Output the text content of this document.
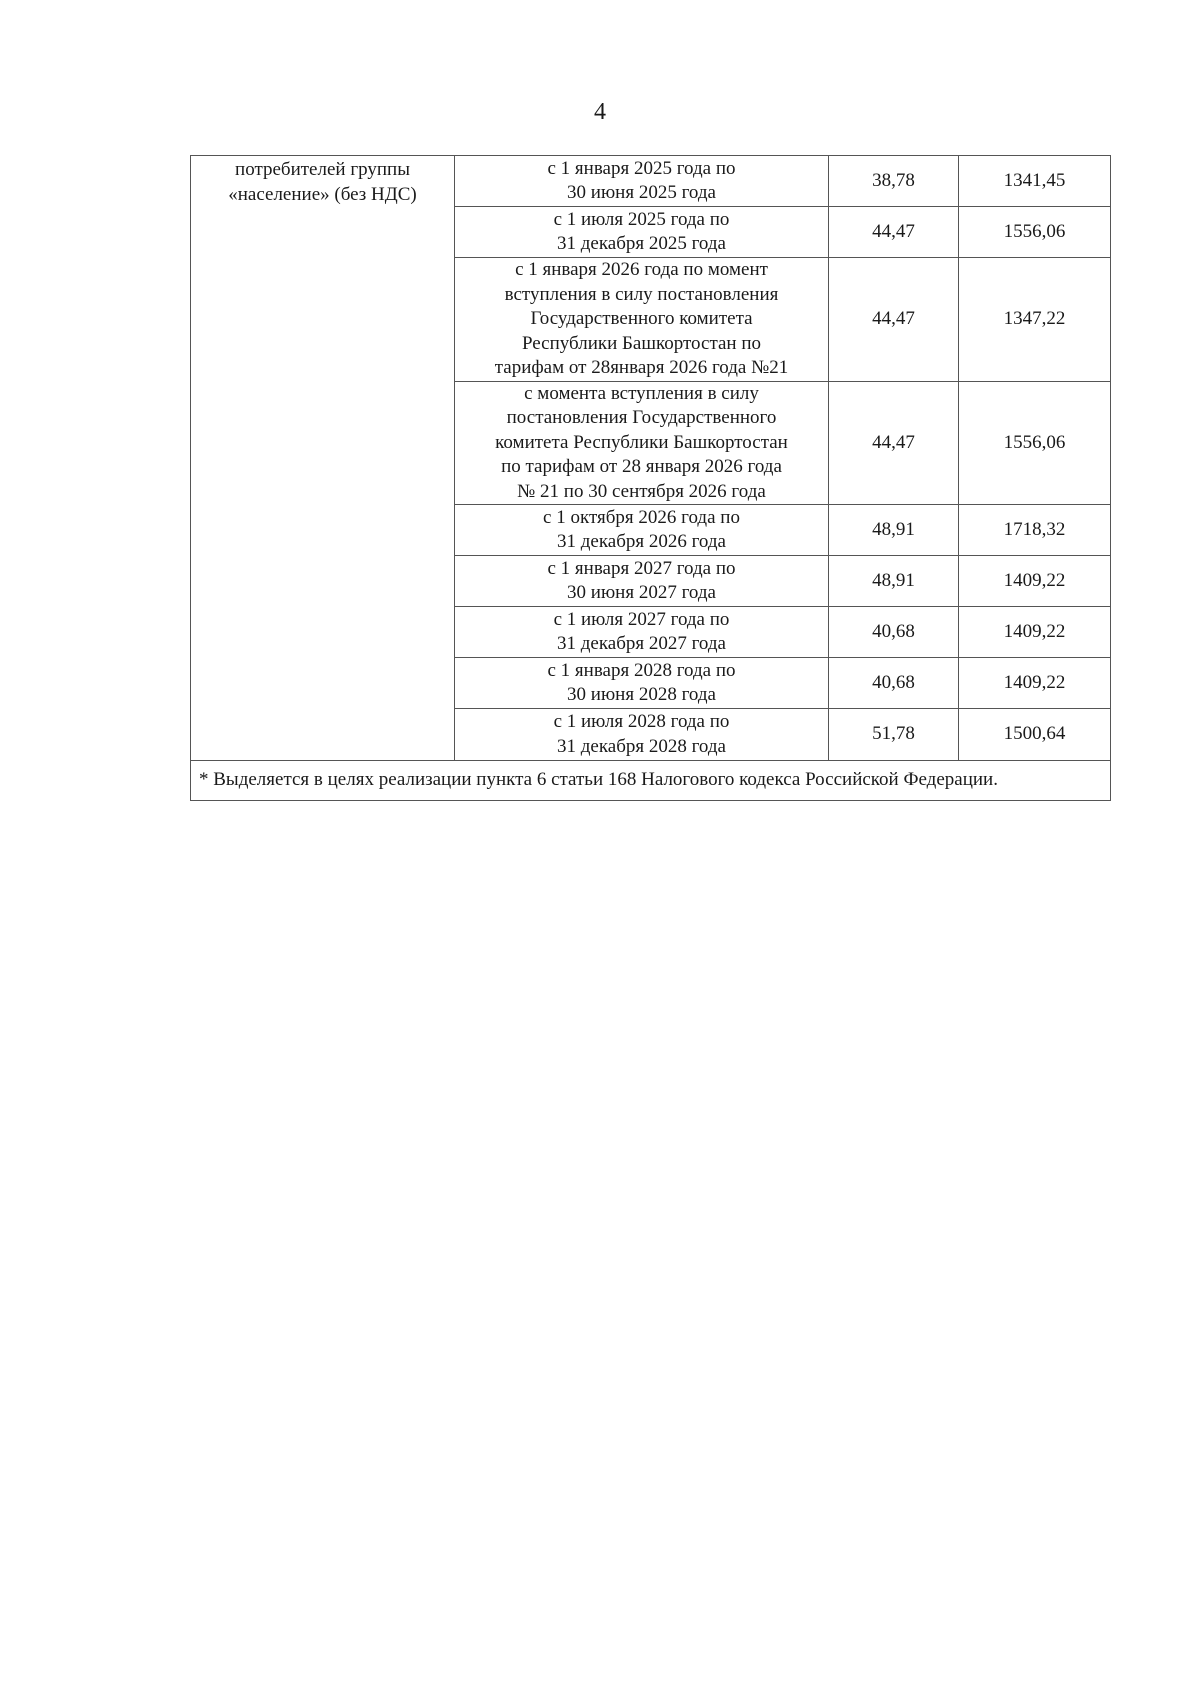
4
потребителей группы
«население» (без НДС)	с 1 января 2025 года по
30 июня 2025 года	38,78	1341,45

	с 1 июля 2025 года по
31 декабря 2025 года	44,47	1556,06

	с 1 января 2026 года по момент
вступления в силу постановления
Государственного комитета
Республики Башкортостан по
тарифам от 28января 2026 года №21	44,47	1347,22

	с момента вступления в силу
постановления Государственного
комитета Республики Башкортостан
по тарифам от 28 января 2026 года
№ 21 по 30 сентября 2026 года	44,47	1556,06

	с 1 октября 2026 года по
31 декабря 2026 года	48,91	1718,32

	с 1 января 2027 года по
30 июня 2027 года	48,91	1409,22

	с 1 июля 2027 года по
31 декабря 2027 года	40,68	1409,22

	с 1 января 2028 года по
30 июня 2028 года	40,68	1409,22

	с 1 июля 2028 года по
31 декабря 2028 года	51,78	1500,64
* Выделяется в целях реализации пункта 6 статьи 168 Налогового кодекса Российской Федерации.			
